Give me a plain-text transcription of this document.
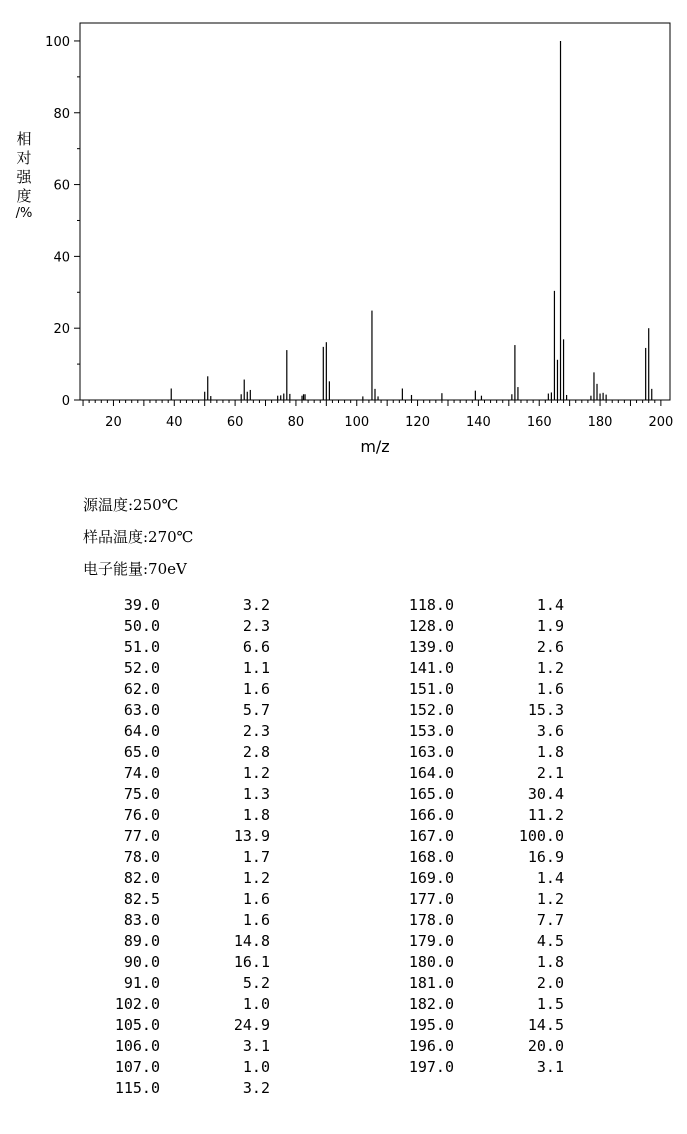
0
20
40
60
80
100
20	40	60	80	100	120	140	160	180	200
m/z
相
对
强
度
源温度:250℃
样品温度:270℃
电子能量:70eV
39.0	3.2
50.0	2.3
51.0	6.6
52.0	1.1
62.0	1.6
63.0	5.7
64.0	2.3
65.0	2.8
74.0	1.2
75.0	1.3
76.0	1.8
77.0	13.9
78.0	1.7
82.0	1.2
82.5	1.6
83.0	1.6
89.0	14.8
90.0	16.1
91.0	5.2
102.0	1.0
105.0	24.9
106.0	3.1
107.0	1.0
115.0	3.2
118.0	1.4
128.0	1.9
139.0	2.6
141.0	1.2
151.0	1.6
152.0	15.3
153.0	3.6
163.0	1.8
164.0	2.1
165.0	30.4
166.0	11.2
167.0	100.0
168.0	16.9
169.0	1.4
177.0	1.2
178.0	7.7
179.0	4.5
180.0	1.8
181.0	2.0
182.0	1.5
195.0	14.5
196.0	20.0
197.0	3.1
/%
